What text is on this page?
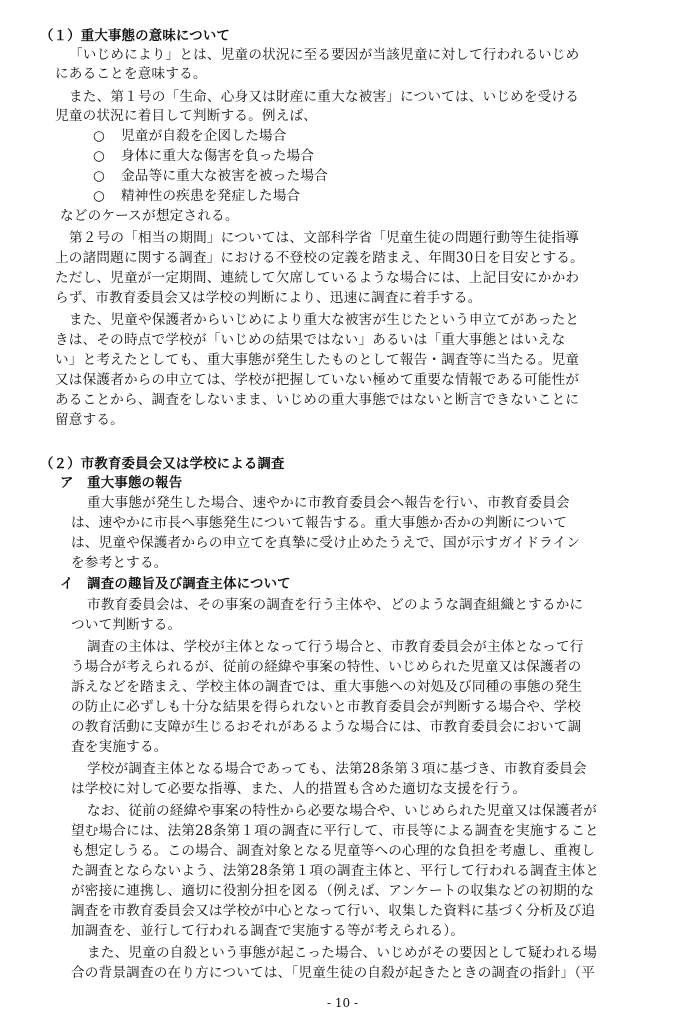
（１）重大事態の意味について
「いじめにより」とは、児童の状況に至る要因が当該児童に対して行われるいじめ
にあることを意味する。
また、第１号の「生命、心身又は財産に重大な被害」については、いじめを受ける
児童の状況に着目して判断する。例えば、
○ 児童が自殺を企図した場合
○ 身体に重大な傷害を負った場合
○ 金品等に重大な被害を被った場合
○ 精神性の疾患を発症した場合
などのケースが想定される。
第２号の「相当の期間」については、文部科学省「児童生徒の問題行動等生徒指導
上の諸問題に関する調査」における不登校の定義を踏まえ、年間30日を目安とする。
ただし、児童が一定期間、連続して欠席しているような場合には、上記目安にかかわ
らず、市教育委員会又は学校の判断により、迅速に調査に着手する。
また、児童や保護者からいじめにより重大な被害が生じたという申立てがあったと
きは、その時点で学校が「いじめの結果ではない」あるいは「重大事態とはいえな
い」と考えたとしても、重大事態が発生したものとして報告・調査等に当たる。児童
又は保護者からの申立ては、学校が把握していない極めて重要な情報である可能性が
あることから、調査をしないまま、いじめの重大事態ではないと断言できないことに
留意する。
（２）市教育委員会又は学校による調査
ア　重大事態の報告
重大事態が発生した場合、速やかに市教育委員会へ報告を行い、市教育委員会
は、速やかに市長へ事態発生について報告する。重大事態か否かの判断について
は、児童や保護者からの申立てを真摯に受け止めたうえで、国が示すガイドライン
を参考とする。
イ　調査の趣旨及び調査主体について
市教育委員会は、その事案の調査を行う主体や、どのような調査組織とするかに
ついて判断する。
調査の主体は、学校が主体となって行う場合と、市教育委員会が主体となって行
う場合が考えられるが、従前の経緯や事案の特性、いじめられた児童又は保護者の
訴えなどを踏まえ、学校主体の調査では、重大事態への対処及び同種の事態の発生
の防止に必ずしも十分な結果を得られないと市教育委員会が判断する場合や、学校
の教育活動に支障が生じるおそれがあるような場合には、市教育委員会において調
査を実施する。
学校が調査主体となる場合であっても、法第28条第３項に基づき、市教育委員会
は学校に対して必要な指導、また、人的措置も含めた適切な支援を行う。
なお、従前の経緯や事案の特性から必要な場合や、いじめられた児童又は保護者が
望む場合には、法第28条第１項の調査に平行して、市長等による調査を実施すること
も想定しうる。この場合、調査対象となる児童等への心理的な負担を考慮し、重複し
た調査とならないよう、法第28条第１項の調査主体と、平行して行われる調査主体と
が密接に連携し、適切に役割分担を図る（例えば、アンケートの収集などの初期的な
調査を市教育委員会又は学校が中心となって行い、収集した資料に基づく分析及び追
加調査を、並行して行われる調査で実施する等が考えられる）。
また、児童の自殺という事態が起こった場合、いじめがその要因として疑われる場
合の背景調査の在り方については、「児童生徒の自殺が起きたときの調査の指針」（平
- 10 -
